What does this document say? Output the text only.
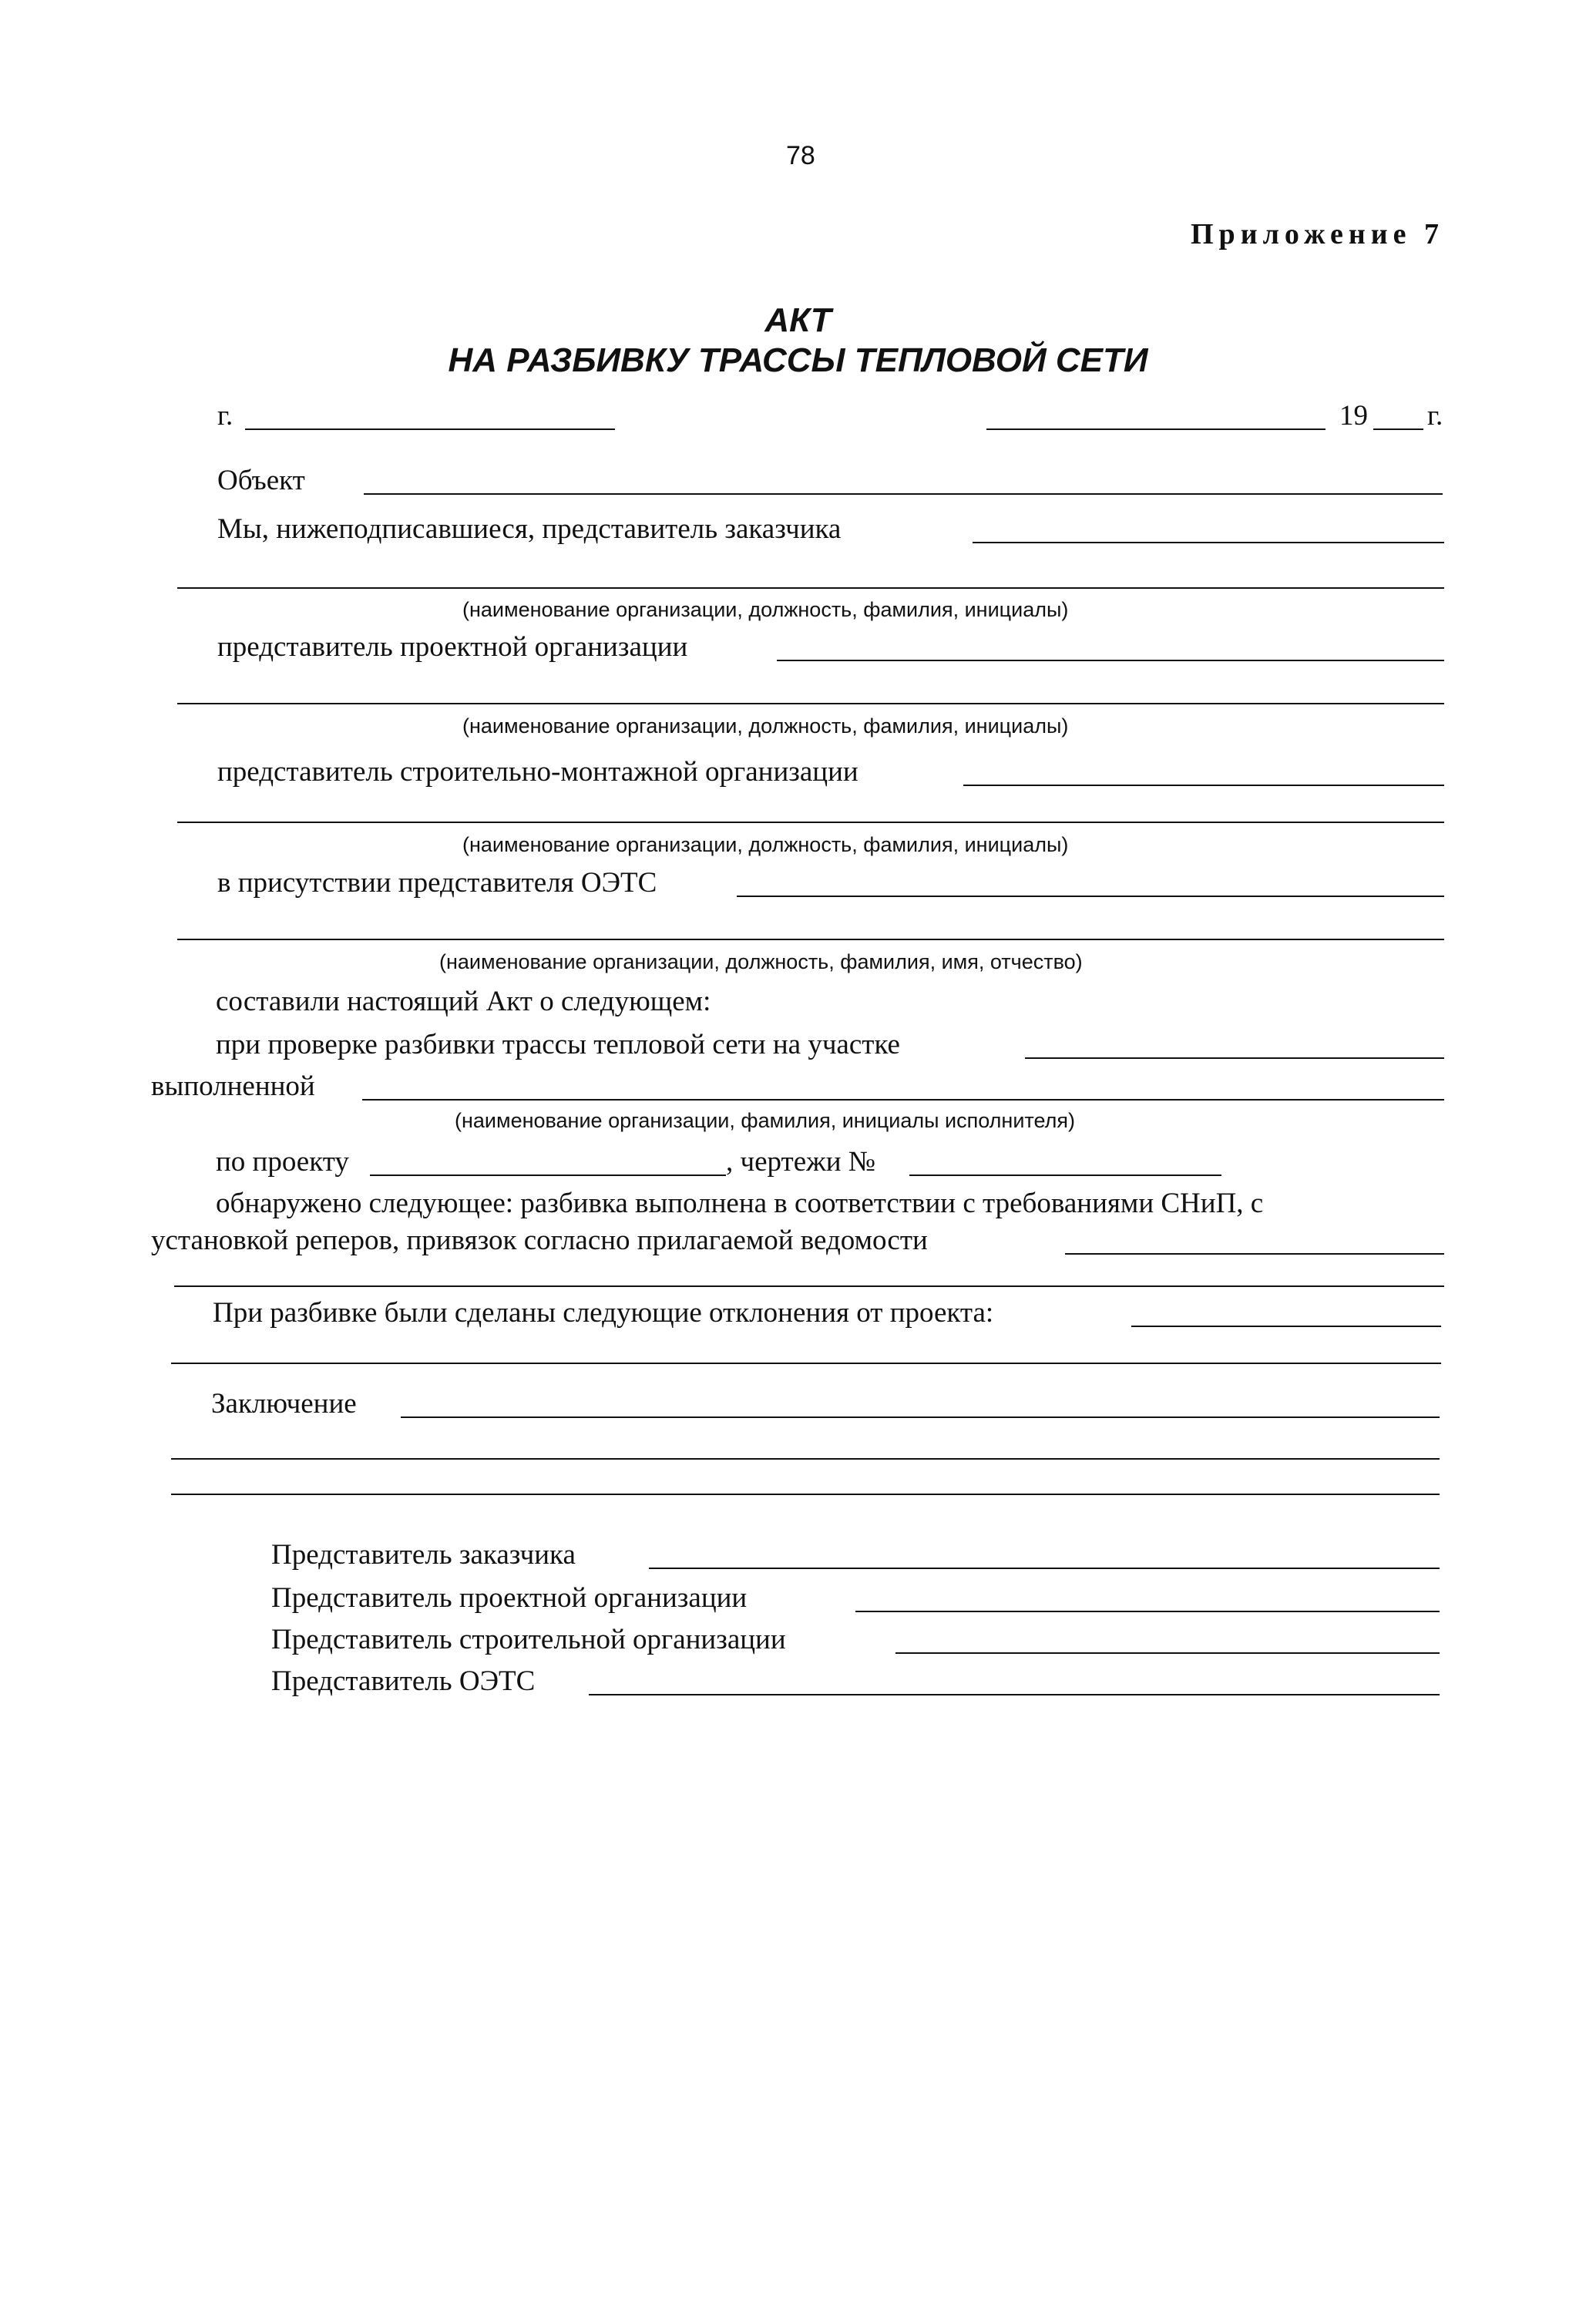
78
Приложение 7
АКТ
НА РАЗБИВКУ ТРАССЫ ТЕПЛОВОЙ СЕТИ
г.	19 г.
Объект
Мы, нижеподписавшиеся, представитель заказчика
(наименование организации, должность, фамилия, инициалы)
представитель проектной организации
(наименование организации, должность, фамилия, инициалы)
представитель строительно-монтажной организации
(наименование организации, должность, фамилия, инициалы)
в присутствии представителя ОЭТС
(наименование организации, должность, фамилия, имя, отчество)
составили настоящий Акт о следующем:
при проверке разбивки трассы тепловой сети на участке
выполненной
(наименование организации, фамилия, инициалы исполнителя)
по проекту	, чертежи №
обнаружено следующее: разбивка выполнена в соответствии с требованиями СНиП, с
установкой реперов, привязок согласно прилагаемой ведомости
При разбивке были сделаны следующие отклонения от проекта:
Заключение
Представитель заказчика
Представитель проектной организации
Представитель строительной организации
Представитель ОЭТС
